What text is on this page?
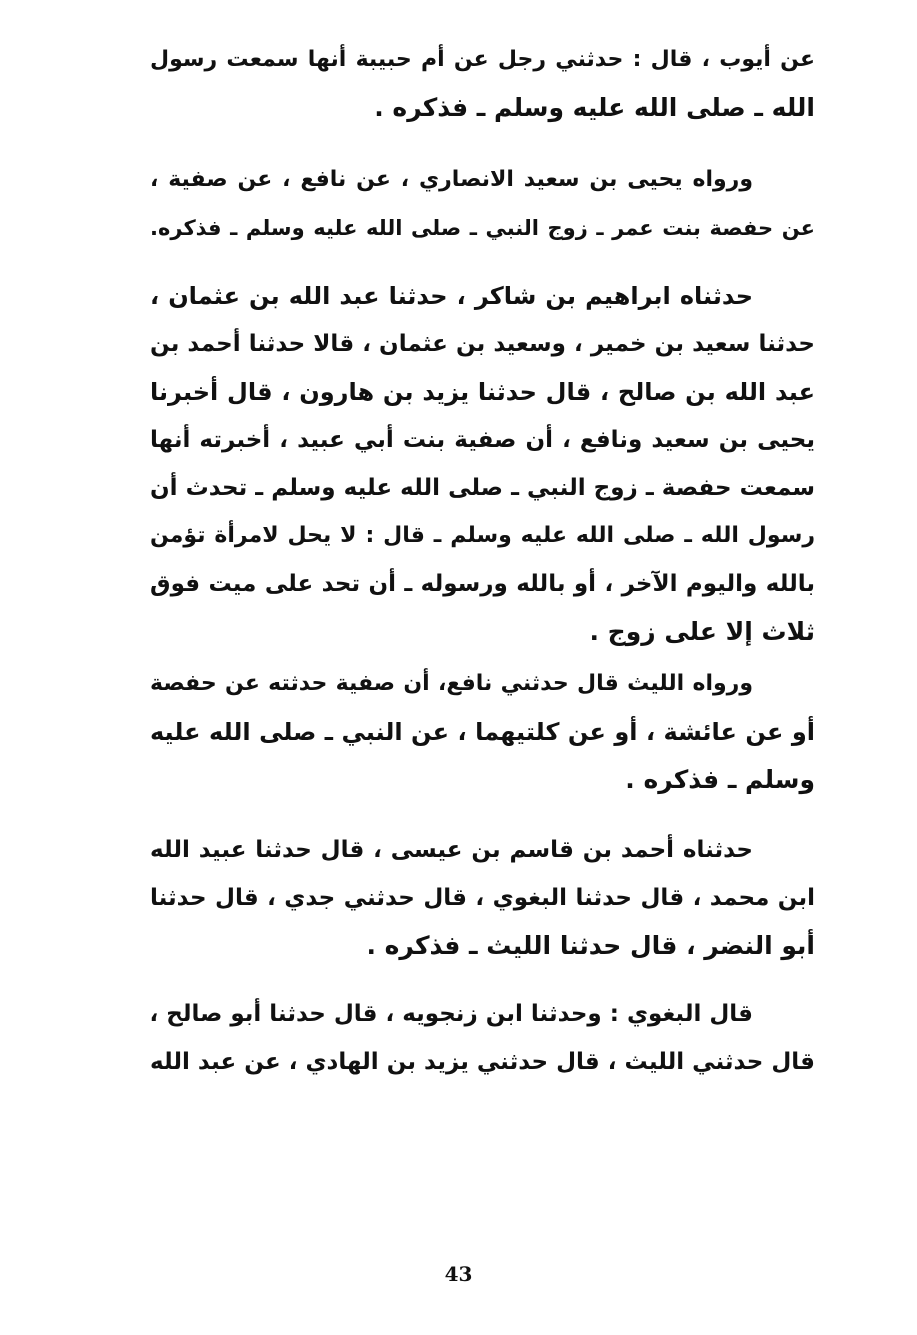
عن أيوب ، قال : حدثني رجل عن أم حبيبة أنها سمعت رسول
الله ـ صلى الله عليه وسلم ـ فذكره .
ورواه يحيى بن سعيد الانصاري ، عن نافع ، عن صفية ،
عن حفصة بنت عمر ـ زوج النبي ـ صلى الله عليه وسلم ـ فذكره.
حدثناه ابراهيم بن شاكر ، حدثنا عبد الله بن عثمان ،
حدثنا سعيد بن خمير ، وسعيد بن عثمان ، قالا حدثنا أحمد بن
عبد الله بن صالح ، قال حدثنا يزيد بن هارون ، قال أخبرنا
يحيى بن سعيد ونافع ، أن صفية بنت أبي عبيد ، أخبرته أنها
سمعت حفصة ـ زوج النبي ـ صلى الله عليه وسلم ـ تحدث أن
رسول الله ـ صلى الله عليه وسلم ـ قال : لا يحل لامرأة تؤمن
بالله واليوم الآخر ، أو بالله ورسوله ـ أن تحد على ميت فوق
ثلاث إلا على زوج .
ورواه الليث قال حدثني نافع، أن صفية حدثته عن حفصة
أو عن عائشة ، أو عن كلتيهما ، عن النبي ـ صلى الله عليه
وسلم ـ فذكره .
حدثناه أحمد بن قاسم بن عيسى ، قال حدثنا عبيد الله
ابن محمد ، قال حدثنا البغوي ، قال حدثني جدي ، قال حدثنا
أبو النضر ، قال حدثنا الليث ـ فذكره .
قال البغوي : وحدثنا ابن زنجويه ، قال حدثنا أبو صالح ،
قال حدثني الليث ، قال حدثني يزيد بن الهادي ، عن عبد الله
43
